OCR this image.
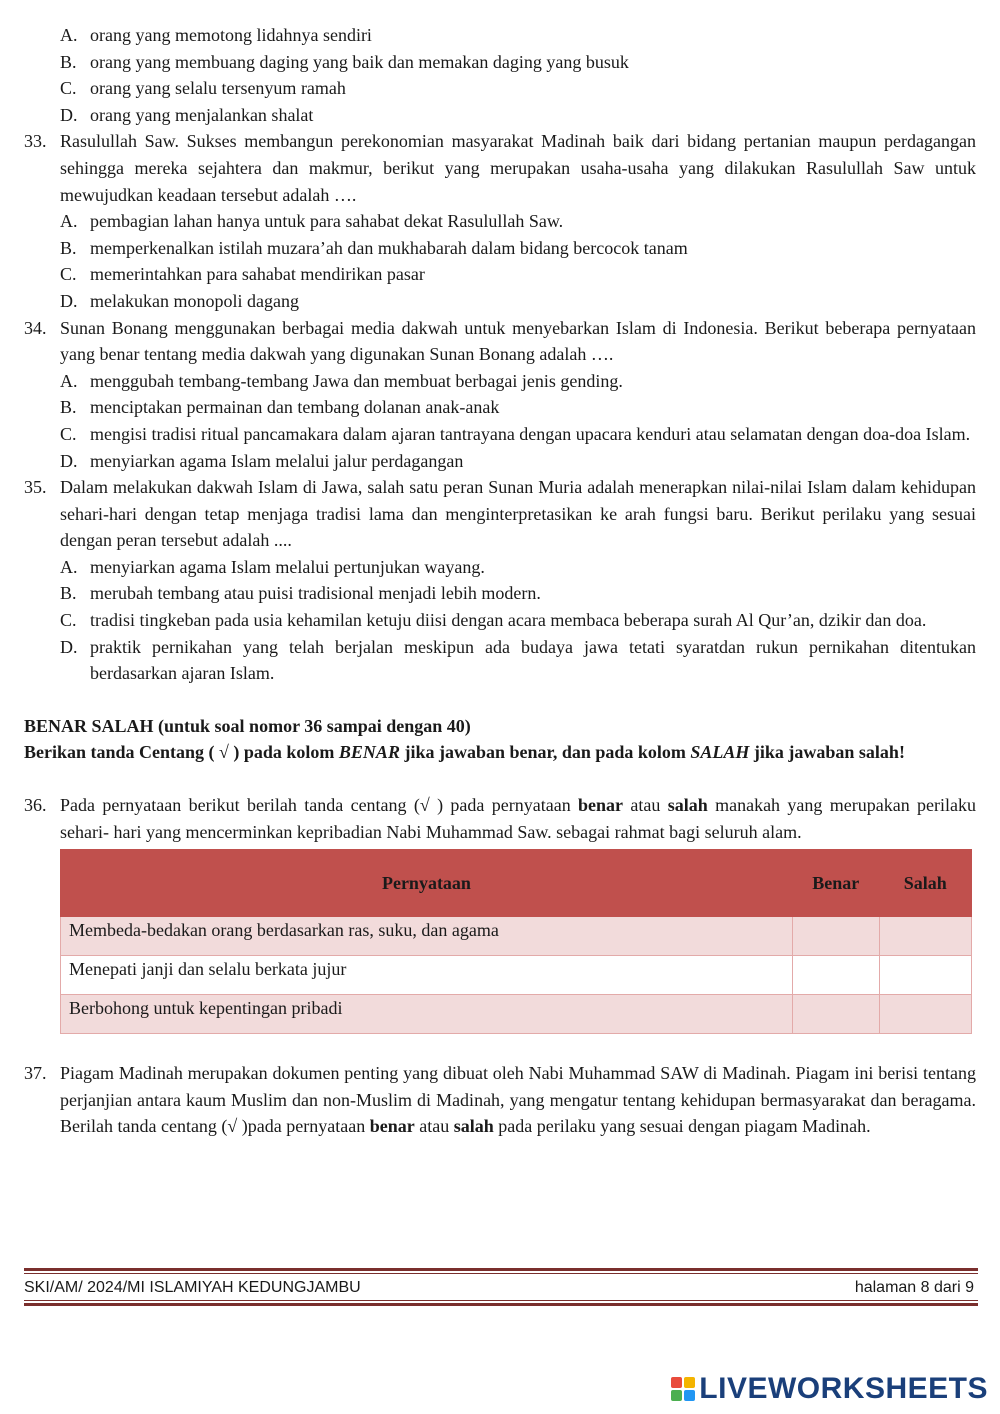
A. orang yang memotong lidahnya sendiri
B. orang yang membuang daging yang baik dan memakan daging yang busuk
C. orang yang selalu tersenyum ramah
D. orang yang menjalankan shalat
33. Rasulullah Saw. Sukses membangun perekonomian masyarakat Madinah baik dari bidang pertanian maupun perdagangan sehingga mereka sejahtera dan makmur, berikut yang merupakan usaha-usaha yang dilakukan Rasulullah Saw untuk mewujudkan keadaan tersebut adalah ….
A. pembagian lahan hanya untuk para sahabat dekat Rasulullah Saw.
B. memperkenalkan istilah muzara’ah dan mukhabarah dalam bidang bercocok tanam
C. memerintahkan para sahabat mendirikan pasar
D. melakukan monopoli dagang
34. Sunan Bonang menggunakan berbagai media dakwah untuk menyebarkan Islam di Indonesia. Berikut beberapa pernyataan yang benar tentang media dakwah yang digunakan Sunan Bonang adalah ….
A. menggubah tembang-tembang Jawa dan membuat berbagai jenis gending.
B. menciptakan permainan dan tembang dolanan anak-anak
C. mengisi tradisi ritual pancamakara dalam ajaran tantrayana dengan upacara kenduri atau selamatan dengan doa-doa Islam.
D. menyiarkan agama Islam melalui jalur perdagangan
35. Dalam melakukan dakwah Islam di Jawa, salah satu peran Sunan Muria adalah menerapkan nilai-nilai Islam dalam kehidupan sehari-hari dengan tetap menjaga tradisi lama dan menginterpretasikan ke arah fungsi baru. Berikut perilaku yang sesuai dengan peran tersebut adalah ....
A. menyiarkan agama Islam melalui pertunjukan wayang.
B. merubah tembang atau puisi tradisional menjadi lebih modern.
C. tradisi tingkeban pada usia kehamilan ketuju diisi dengan acara membaca beberapa surah Al Qur’an, dzikir dan doa.
D. praktik pernikahan yang telah berjalan meskipun ada budaya jawa tetati syaratdan rukun pernikahan ditentukan berdasarkan ajaran Islam.
BENAR SALAH (untuk soal nomor 36 sampai dengan 40)
Berikan tanda Centang ( √ ) pada kolom BENAR jika jawaban benar, dan pada kolom SALAH jika jawaban salah!
36. Pada pernyataan berikut berilah tanda centang (√ ) pada pernyataan benar atau salah manakah yang merupakan perilaku sehari- hari yang mencerminkan kepribadian Nabi Muhammad Saw. sebagai rahmat bagi seluruh alam.
Pernyataan	Benar	Salah
Membeda-bedakan orang berdasarkan ras, suku, dan agama		
Menepati janji dan selalu berkata jujur		
Berbohong untuk kepentingan pribadi		
37. Piagam Madinah merupakan dokumen penting yang dibuat oleh Nabi Muhammad SAW di Madinah. Piagam ini berisi tentang perjanjian antara kaum Muslim dan non-Muslim di Madinah, yang mengatur tentang kehidupan bermasyarakat dan beragama. Berilah tanda centang (√ )pada pernyataan benar atau salah pada perilaku yang sesuai dengan piagam Madinah.
SKI/AM/ 2024/MI ISLAMIYAH KEDUNGJAMBU	halaman 8 dari 9
LIVEWORKSHEETS
